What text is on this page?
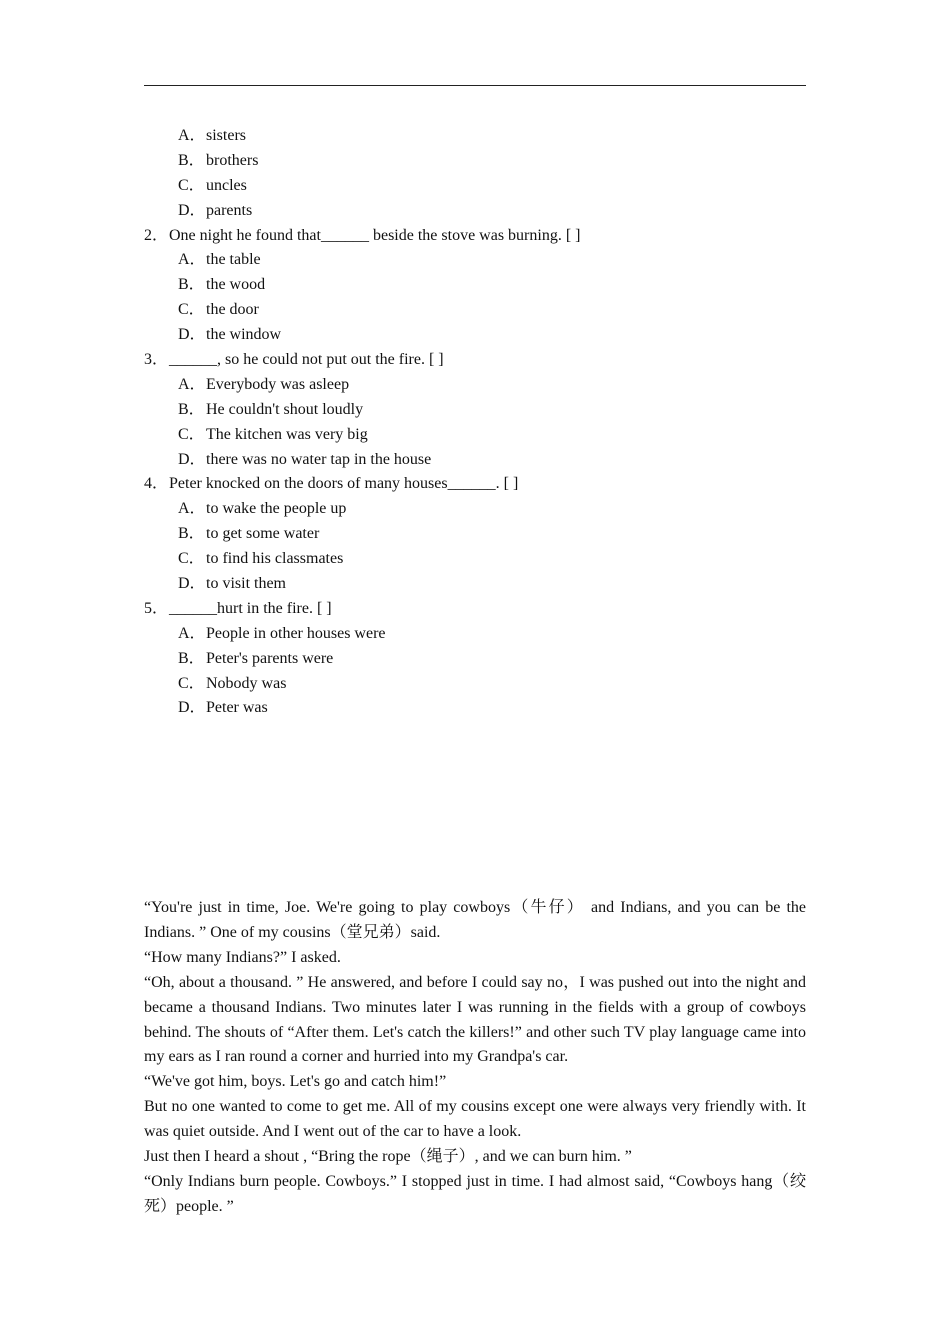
A．sisters
B．brothers
C．uncles
D．parents
2．One night he found that______ beside the stove was burning. [ ]
A．the table
B．the wood
C．the door
D．the window
3．______, so he could not put out the fire. [ ]
A．Everybody was asleep
B．He couldn't shout loudly
C．The kitchen was very big
D．there was no water tap in the house
4．Peter knocked on the doors of many houses______. [ ]
A．to wake the people up
B．to get some water
C．to find his classmates
D．to visit them
5．______hurt in the fire. [ ]
A．People in other houses were
B．Peter's parents were
C．Nobody was
D．Peter was

“You're just in time, Joe. We're going to play cowboys（牛仔） and Indians, and you can be the Indians. ” One of my cousins（堂兄弟）said.

“How many Indians?” I asked.

“Oh, about a thousand. ” He answered, and before I could say no，I was pushed out into the night and became a thousand Indians. Two minutes later I was running in the fields with a group of cowboys behind. The shouts of “After them. Let's catch the killers!” and other such TV play language came into my ears as I ran round a corner and hurried into my Grandpa's car.

“We've got him, boys. Let's go and catch him!”

But no one wanted to come to get me. All of my cousins except one were always very friendly with. It was quiet outside. And I went out of the car to have a look.

Just then I heard a shout , “Bring the rope（绳子）, and we can burn him. ”

“Only Indians burn people. Cowboys.” I stopped just in time. I had almost said, “Cowboys hang（绞死）people. ”
